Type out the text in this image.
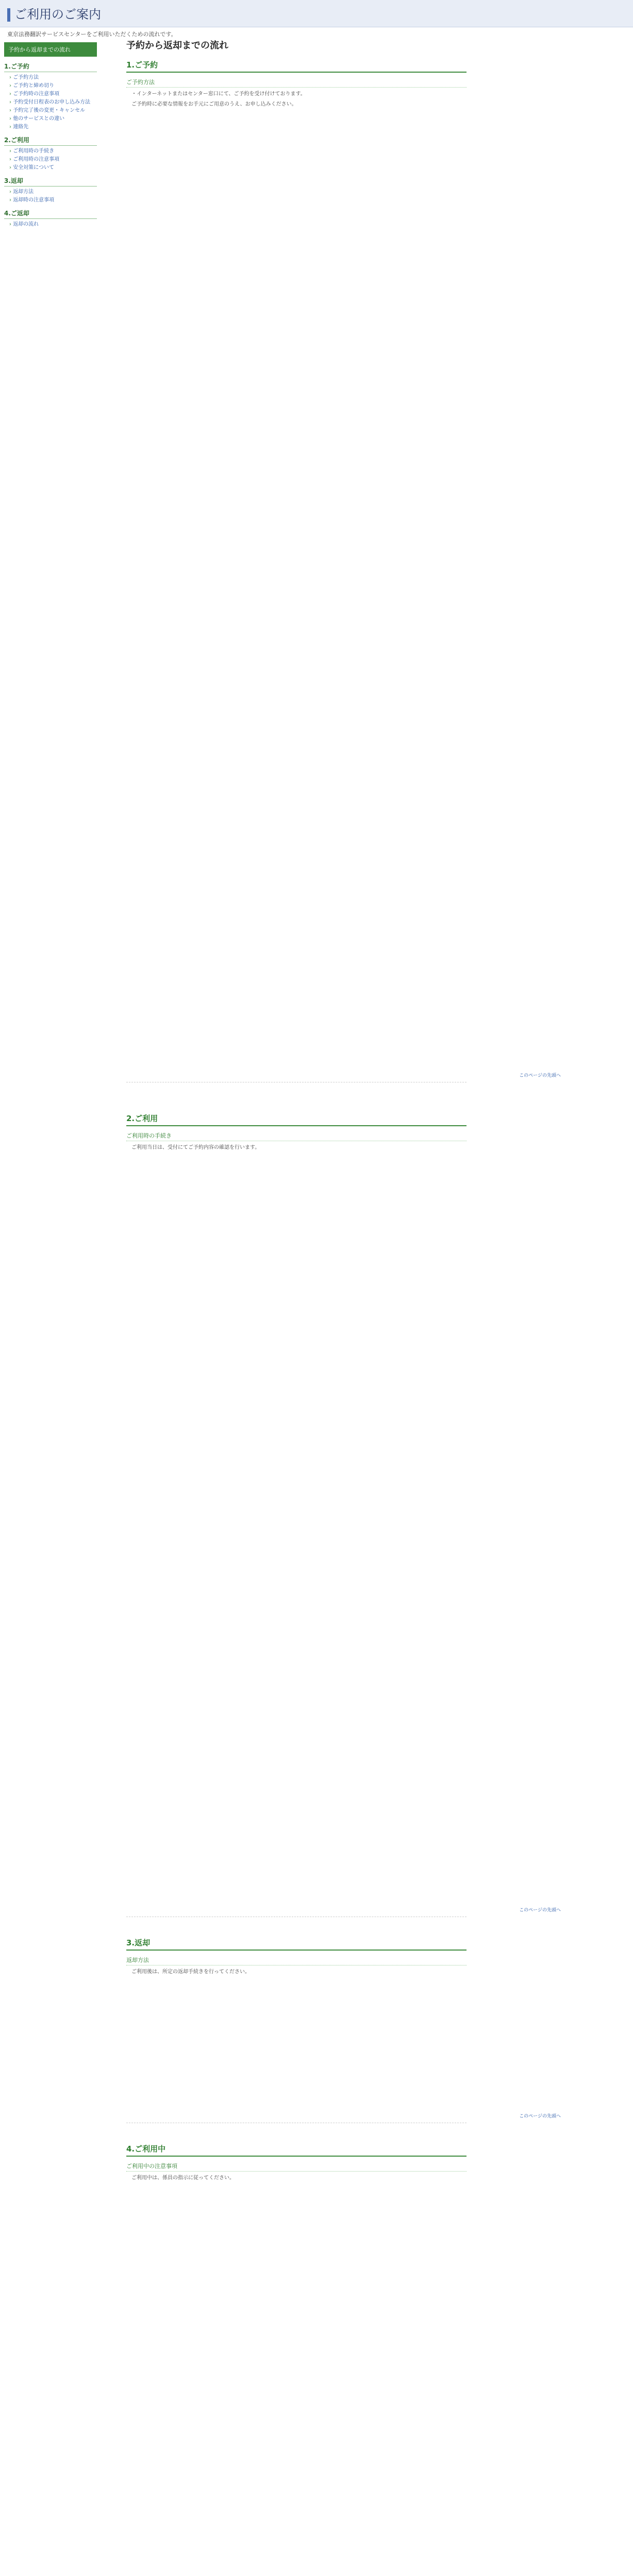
ご利用のご案内
東京法務翻訳サービスセンターをご利用いただくための流れです。
予約から返却までの流れ
1.ご予約
› ご予約方法
› ご予約と締め切り
› ご予約時の注意事項
› 予約受付日程表のお申し込み方法
› 予約完了後の変更・キャンセル
› 他のサービスとの違い
› 連絡先
2.ご利用
› ご利用時の手続き
› ご利用時の注意事項
› 安全対策について
3.返却
› 返却方法
› 返却時の注意事項
4.ご返却
› 返却の流れ
予約から返却までの流れ
1.ご予約
ご予約方法
・インターネットまたはセンター窓口にて、ご予約を受け付けております。
ご予約時に必要な情報をお手元にご用意のうえ、お申し込みください。
このページの先頭へ
2.ご利用
ご利用時の手続き
ご利用当日は、受付にてご予約内容の確認を行います。
このページの先頭へ
3.返却
返却方法
ご利用後は、所定の返却手続きを行ってください。
このページの先頭へ
4.ご利用中
ご利用中の注意事項
ご利用中は、係員の指示に従ってください。
